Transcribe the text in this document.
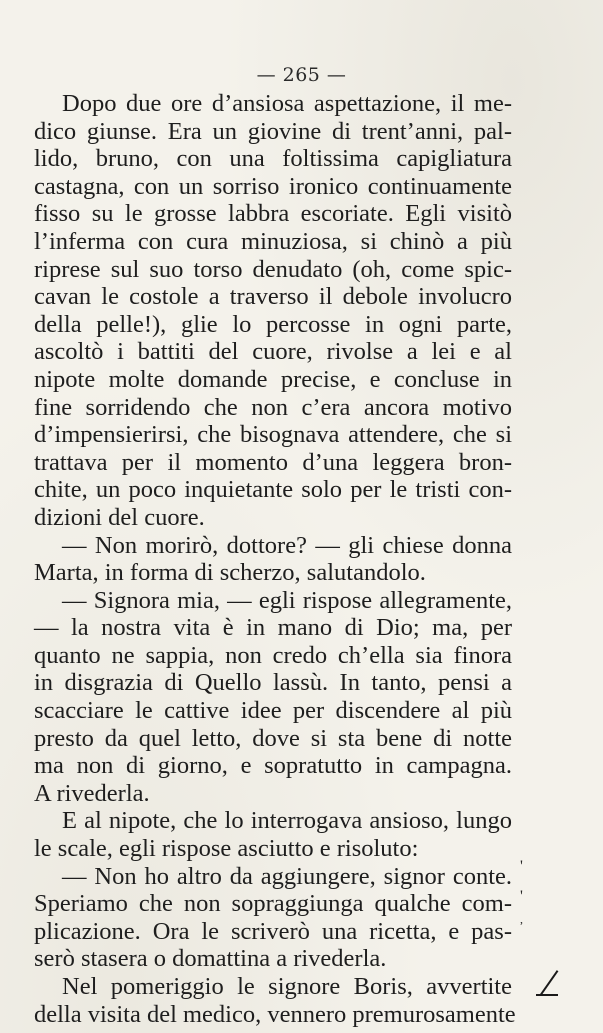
— 265 —
Dopo due ore d’ansiosa aspettazione, il me-
dico giunse. Era un giovine di trent’anni, pal-
lido, bruno, con una foltissima capigliatura
castagna, con un sorriso ironico continuamente
fisso su le grosse labbra escoriate. Egli visitò
l’inferma con cura minuziosa, si chinò a più
riprese sul suo torso denudato (oh, come spic-
cavan le costole a traverso il debole involucro
della pelle!), glie lo percosse in ogni parte,
ascoltò i battiti del cuore, rivolse a lei e al
nipote molte domande precise, e concluse in
fine sorridendo che non c’era ancora motivo
d’impensierirsi, che bisognava attendere, che si
trattava per il momento d’una leggera bron-
chite, un poco inquietante solo per le tristi con-
dizioni del cuore.
— Non morirò, dottore? — gli chiese donna
Marta, in forma di scherzo, salutandolo.
— Signora mia, — egli rispose allegramente,
— la nostra vita è in mano di Dio; ma, per
quanto ne sappia, non credo ch’ella sia finora
in disgrazia di Quello lassù. In tanto, pensi a
scacciare le cattive idee per discendere al più
presto da quel letto, dove si sta bene di notte
ma non di giorno, e sopratutto in campagna.
A rivederla.
E al nipote, che lo interrogava ansioso, lungo
le scale, egli rispose asciutto e risoluto:
— Non ho altro da aggiungere, signor conte.
Speriamo che non sopraggiunga qualche com-
plicazione. Ora le scriverò una ricetta, e pas-
serò stasera o domattina a rivederla.
Nel pomeriggio le signore Boris, avvertite
della visita del medico, vennero premurosamente
'
'
,
